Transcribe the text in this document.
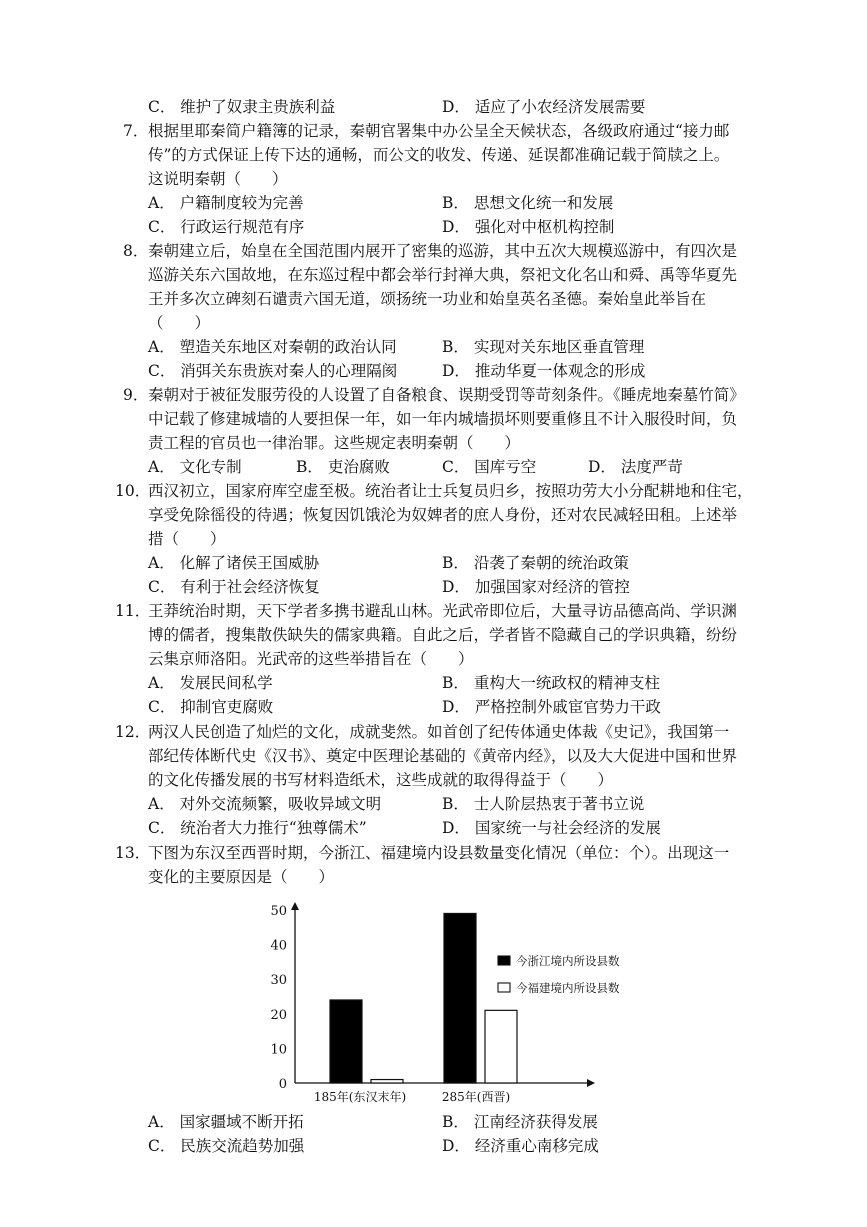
C． 维护了奴隶主贵族利益	D． 适应了小农经济发展需要
7． 根据里耶秦简户籍簿的记录，秦朝官署集中办公呈全天候状态，各级政府通过“接力邮
传”的方式保证上传下达的通畅，而公文的收发、传递、延误都准确记载于简牍之上。
这说明秦朝（　　）
A． 户籍制度较为完善	B． 思想文化统一和发展
C． 行政运行规范有序	D． 强化对中枢机构控制
8． 秦朝建立后，始皇在全国范围内展开了密集的巡游，其中五次大规模巡游中，有四次是
巡游关东六国故地，在东巡过程中都会举行封禅大典，祭祀文化名山和舜、禹等华夏先
王并多次立碑刻石谴责六国无道，颂扬统一功业和始皇英名圣德。秦始皇此举旨在
（　　）
A． 塑造关东地区对秦朝的政治认同	B． 实现对关东地区垂直管理
C． 消弭关东贵族对秦人的心理隔阂	D． 推动华夏一体观念的形成
9． 秦朝对于被征发服劳役的人设置了自备粮食、误期受罚等苛刻条件。《睡虎地秦墓竹简》
中记载了修建城墙的人要担保一年，如一年内城墙损坏则要重修且不计入服役时间，负
责工程的官员也一律治罪。这些规定表明秦朝（　　）
A． 文化专制	B． 吏治腐败	C． 国库亏空	D． 法度严苛
10．
西汉初立，国家府库空虚至极。统治者让士兵复员归乡，按照功劳大小分配耕地和住宅，
享受免除徭役的待遇；恢复因饥饿沦为奴婢者的庶人身份，还对农民减轻田租。上述举
措（　　）
A． 化解了诸侯王国威胁	B． 沿袭了秦朝的统治政策
C． 有利于社会经济恢复	D． 加强国家对经济的管控
11．
王莽统治时期，天下学者多携书避乱山林。光武帝即位后，大量寻访品德高尚、学识渊
博的儒者，搜集散佚缺失的儒家典籍。自此之后，学者皆不隐藏自己的学识典籍，纷纷
云集京师洛阳。光武帝的这些举措旨在（　　）
A． 发展民间私学	B． 重构大一统政权的精神支柱
C． 抑制官吏腐败	D． 严格控制外戚宦官势力干政
12．
两汉人民创造了灿烂的文化，成就斐然。如首创了纪传体通史体裁《史记》，我国第一
部纪传体断代史《汉书》、奠定中医理论基础的《黄帝内经》，以及大大促进中国和世界
的文化传播发展的书写材料造纸术，这些成就的取得得益于（　　）
A． 对外交流频繁，吸收异域文明	B． 士人阶层热衷于著书立说
C． 统治者大力推行“独尊儒术”	D． 国家统一与社会经济的发展
13．
下图为东汉至西晋时期，今浙江、福建境内设县数量变化情况（单位：个）。出现这一
变化的主要原因是（　　）
0
10
20
30
40
50
185年(东汉末年)	285年(西晋)
今浙江境内所设县数
今福建境内所设县数
A． 国家疆域不断开拓	B． 江南经济获得发展
C． 民族交流趋势加强	D． 经济重心南移完成
